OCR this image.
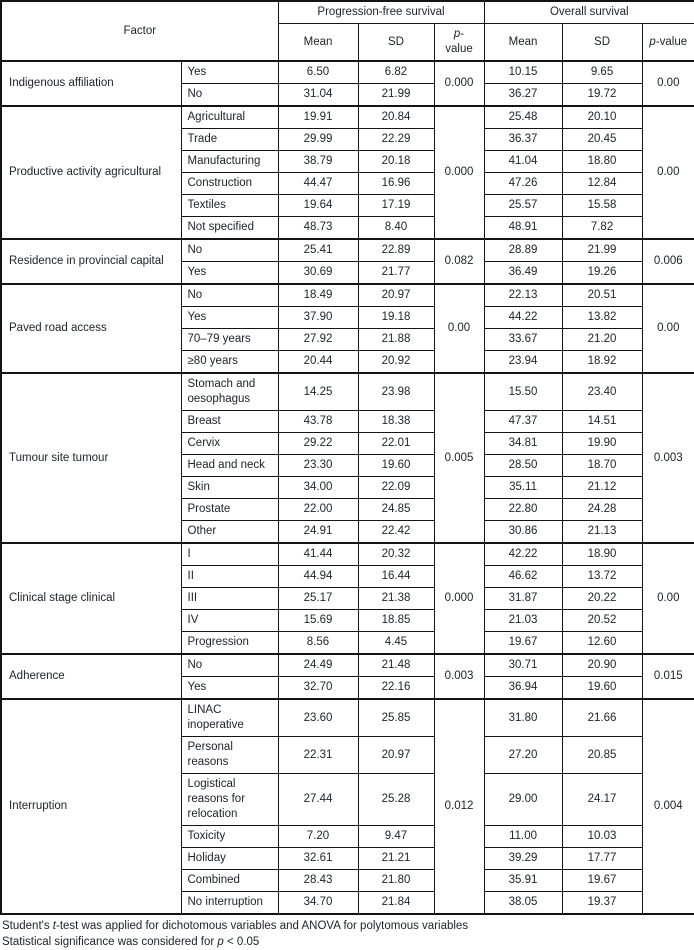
Factor		Progression-free survival			Overall survival		
		Mean	SD	p-value	Mean	SD	p-value
Indigenous affiliation	Yes	6.50	6.82	0.000	10.15	9.65	0.00
	No	31.04	21.99		36.27	19.72	
Productive activity agricultural	Agricultural	19.91	20.84	0.000	25.48	20.10	0.00
	Trade	29.99	22.29		36.37	20.45	
	Manufacturing	38.79	20.18		41.04	18.80	
	Construction	44.47	16.96		47.26	12.84	
	Textiles	19.64	17.19		25.57	15.58	
	Not specified	48.73	8.40		48.91	7.82	
Residence in provincial capital	No	25.41	22.89	0.082	28.89	21.99	0.006
	Yes	30.69	21.77		36.49	19.26	
Paved road access	No	18.49	20.97	0.00	22.13	20.51	0.00
	Yes	37.90	19.18		44.22	13.82	
	70–79 years	27.92	21.88		33.67	21.20	
	≥80 years	20.44	20.92		23.94	18.92	
Tumour site tumour	Stomach and oesophagus	14.25	23.98	0.005	15.50	23.40	0.003
	Breast	43.78	18.38		47.37	14.51	
	Cervix	29.22	22.01		34.81	19.90	
	Head and neck	23.30	19.60		28.50	18.70	
	Skin	34.00	22.09		35.11	21.12	
	Prostate	22.00	24.85		22.80	24.28	
	Other	24.91	22.42		30.86	21.13	
Clinical stage clinical	I	41.44	20.32	0.000	42.22	18.90	0.00
	II	44.94	16.44		46.62	13.72	
	III	25.17	21.38		31.87	20.22	
	IV	15.69	18.85		21.03	20.52	
	Progression	8.56	4.45		19.67	12.60	
Adherence	No	24.49	21.48	0.003	30.71	20.90	0.015
	Yes	32.70	22.16		36.94	19.60	
Interruption	LINAC inoperative	23.60	25.85	0.012	31.80	21.66	0.004
	Personal reasons	22.31	20.97		27.20	20.85	
	Logistical reasons for relocation	27.44	25.28		29.00	24.17	
	Toxicity	7.20	9.47		11.00	10.03	
	Holiday	32.61	21.21		39.29	17.77	
	Combined	28.43	21.80		35.91	19.67	
	No interruption	34.70	21.84		38.05	19.37	

Student's t-test was applied for dichotomous variables and ANOVA for polytomous variables

Statistical significance was considered for p < 0.05
